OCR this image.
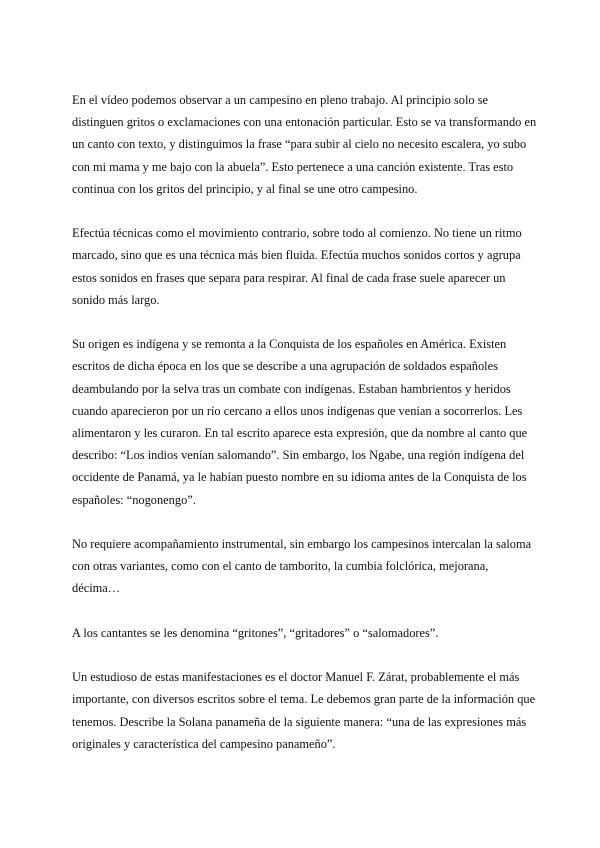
En el vídeo podemos observar a un campesino en pleno trabajo. Al principio solo se
distinguen gritos o exclamaciones con una entonación particular. Esto se va transformando en
un canto con texto, y distinguimos la frase “para subir al cielo no necesito escalera, yo subo
con mi mama y me bajo con la abuela”. Esto pertenece a una canción existente. Tras esto
continua con los gritos del principio, y al final se une otro campesino.

Efectúa técnicas como el movimiento contrario, sobre todo al comienzo. No tiene un ritmo
marcado, sino que es una técnica más bien fluida. Efectúa muchos sonidos cortos y agrupa
estos sonidos en frases que separa para respirar. Al final de cada frase suele aparecer un
sonido más largo.

Su origen es indígena y se remonta a la Conquista de los españoles en América. Existen
escritos de dicha época en los que se describe a una agrupación de soldados españoles
deambulando por la selva tras un combate con indígenas. Estaban hambrientos y heridos
cuando aparecieron por un río cercano a ellos unos indígenas que venían a socorrerlos. Les
alimentaron y les curaron. En tal escrito aparece esta expresión, que da nombre al canto que
describo: “Los indios venían salomando”. Sin embargo, los Ngabe, una región indígena del
occidente de Panamá, ya le habían puesto nombre en su idioma antes de la Conquista de los
españoles: “nogonengo”.

No requiere acompañamiento instrumental, sin embargo los campesinos intercalan la saloma
con otras variantes, como con el canto de tamborito, la cumbia folclórica, mejorana,
décima…

A los cantantes se les denomina “gritones”, “gritadores” o “salomadores”.

Un estudioso de estas manifestaciones es el doctor Manuel F. Zárat, probablemente el más
importante, con diversos escritos sobre el tema. Le debemos gran parte de la información que
tenemos. Describe la Solana panameña de la siguiente manera: “una de las expresiones más
originales y característica del campesino panameño”.
